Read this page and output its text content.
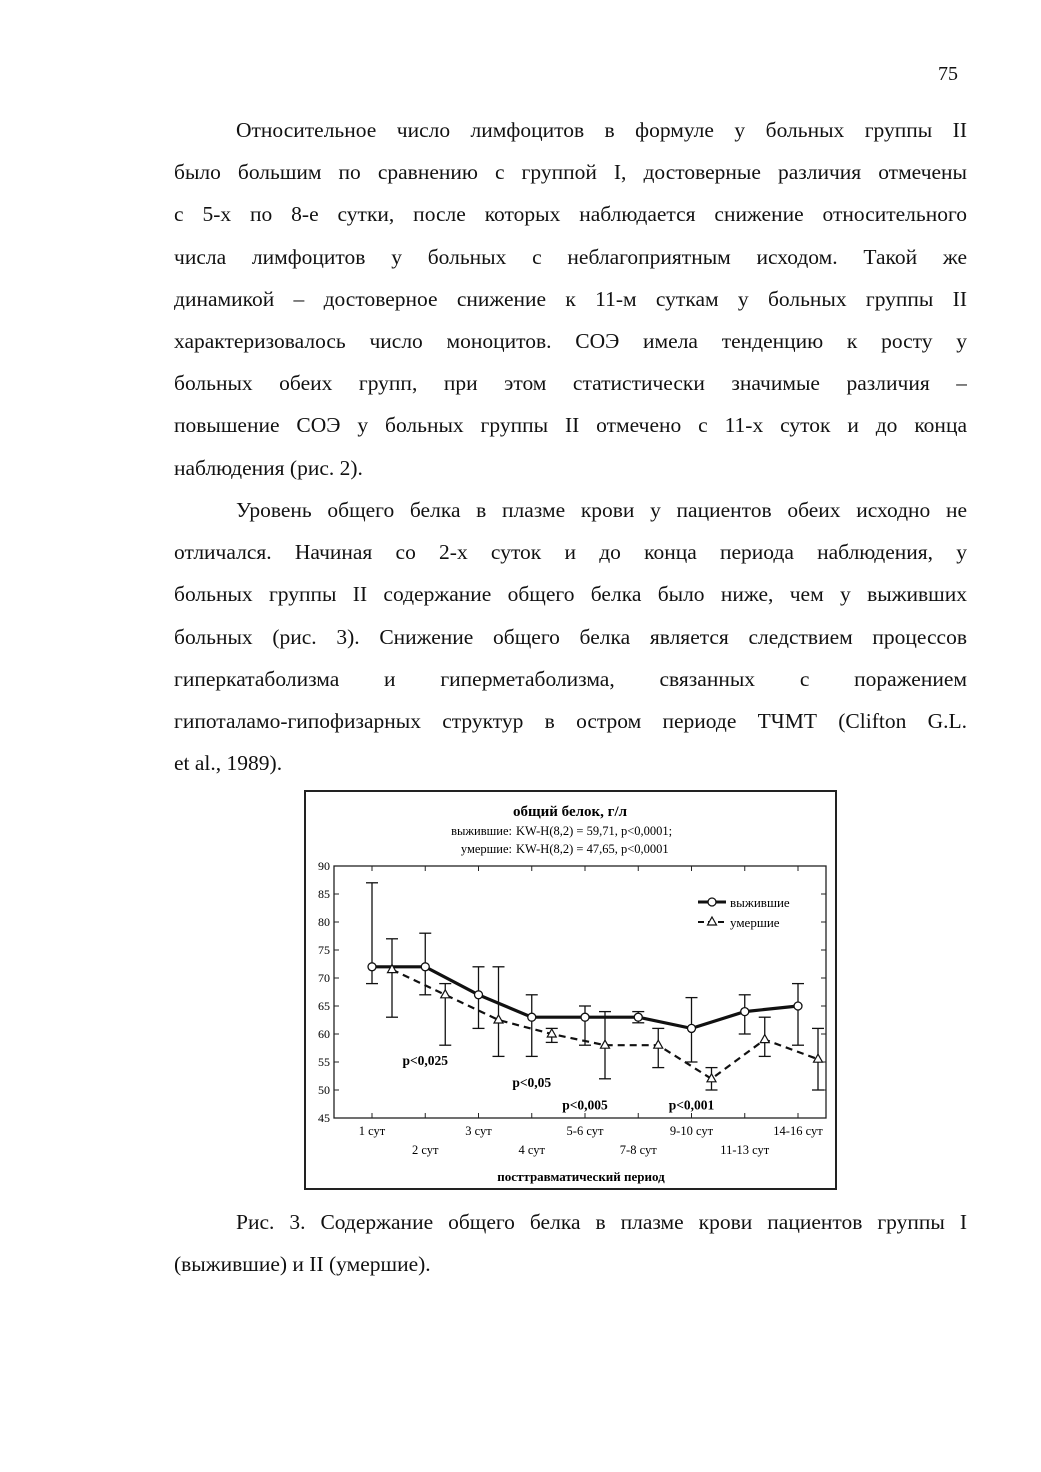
75
Относительное число лимфоцитов в формуле у больных группы II
было большим по сравнению с группой I, достоверные различия отмечены
с 5-х по 8-е сутки, после которых наблюдается снижение относительного
числа лимфоцитов у больных с неблагоприятным исходом. Такой же
динамикой – достоверное снижение к 11-м суткам у больных группы II
характеризовалось число моноцитов. СОЭ имела тенденцию к росту у
больных обеих групп, при этом статистически значимые различия –
повышение СОЭ у больных группы II отмечено с 11-х суток и до конца
наблюдения (рис. 2).
Уровень общего белка в плазме крови у пациентов обеих исходно не
отличался. Начиная со 2-х суток и до конца периода наблюдения, у
больных группы II содержание общего белка было ниже, чем у выживших
больных (рис. 3). Снижение общего белка является следствием процессов
гиперкатаболизма и гиперметаболизма, связанных с поражением
гипоталамо-гипофизарных структур в остром периоде ТЧМТ (Clifton G.L.
et al., 1989).
общий белок, г/л
выжившие: KW-H(8,2) = 59,71, p<0,0001;
умершие: KW-H(8,2) = 47,65, p<0,0001
45
50
55
60
65
70
75
80
85
90
1 сут
2 сут
3 сут
4 сут
5-6 сут
7-8 сут
9-10 сут
11-13 сут
14-16 сут
p<0,025
p<0,05
p<0,005	p<0,001
выжившие
умершие
посттравматический период
Рис. 3. Содержание общего белка в плазме крови пациентов группы I
(выжившие) и II (умершие).
